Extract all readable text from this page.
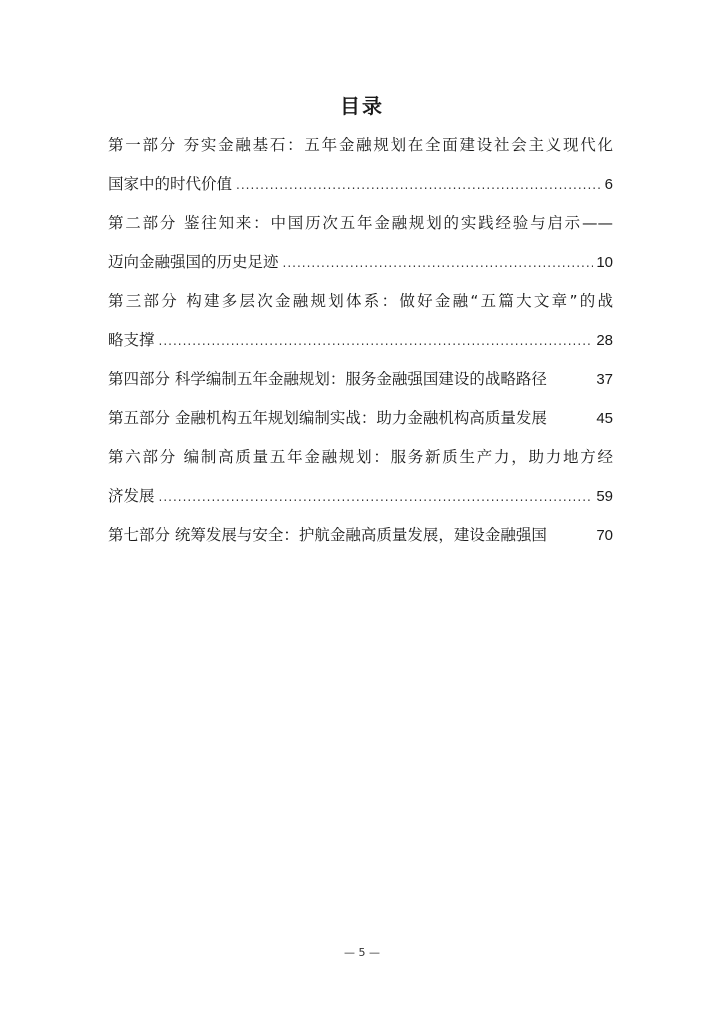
目录
第一部分 夯实金融基石：五年金融规划在全面建设社会主义现代化
国家中的时代价值 .....	6
第二部分 鉴往知来：中国历次五年金融规划的实践经验与启示——
迈向金融强国的历史足迹 .....	10
第三部分 构建多层次金融规划体系：做好金融“五篇大文章”的战
略支撑 .....	28
第四部分 科学编制五年金融规划：服务金融强国建设的战略路径	37
第五部分 金融机构五年规划编制实战：助力金融机构高质量发展	45
第六部分 编制高质量五年金融规划：服务新质生产力，助力地方经
济发展 .....	59
第七部分 统筹发展与安全：护航金融高质量发展，建设金融强国	70
— 5 —
